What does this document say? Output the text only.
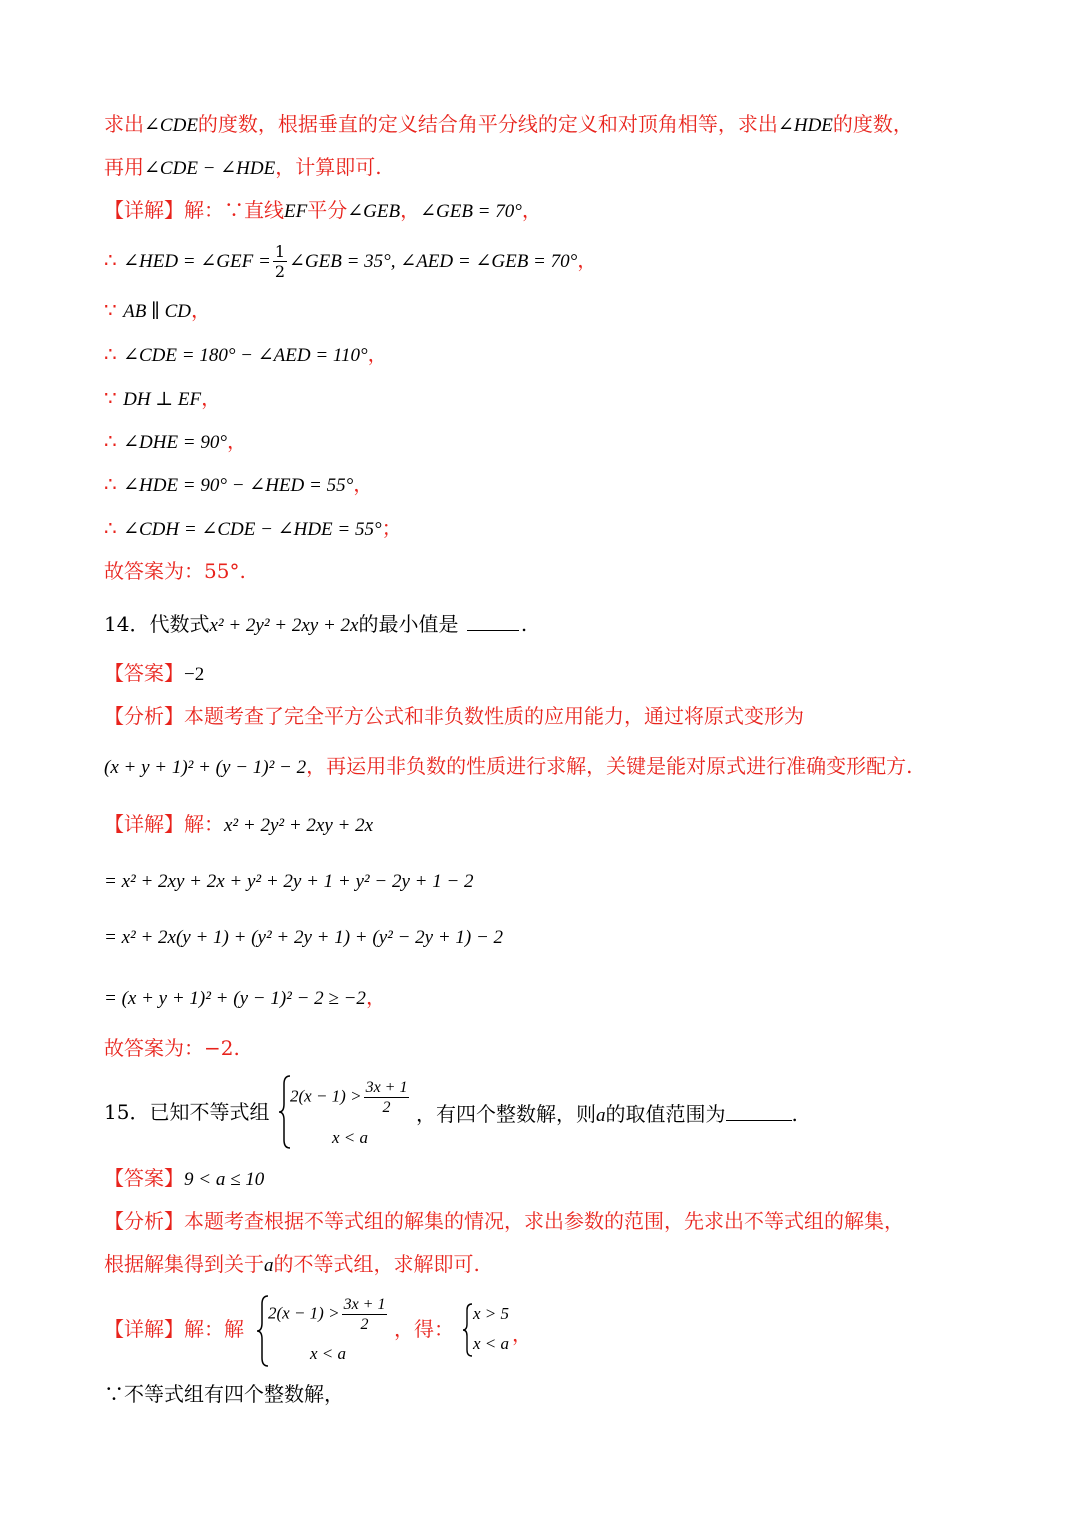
求出∠CDE的度数，根据垂直的定义结合角平分线的定义和对顶角相等，求出∠HDE的度数，
再用∠CDE − ∠HDE，计算即可.
【详解】解：∵直线EF平分∠GEB，∠GEB = 70°，
∴ ∠HED = ∠GEF = $\frac{1}{2}$ ∠GEB = 35°, ∠AED = ∠GEB = 70°，
∵ AB ∥ CD，
∴ ∠CDE = 180° − ∠AED = 110°，
∵ DH ⊥ EF，
∴ ∠DHE = 90°，
∴ ∠HDE = 90° − ∠HED = 55°，
∴ ∠CDH = ∠CDE − ∠HDE = 55°；
故答案为：55°.
14．代数式x² + 2y² + 2xy + 2x的最小值是	.
【答案】−2
【分析】本题考查了完全平方公式和非负数性质的应用能力，通过将原式变形为
(x + y + 1)² + (y − 1)² − 2，再运用非负数的性质进行求解，关键是能对原式进行准确变形配方.
【详解】解：x² + 2y² + 2xy + 2x
= x² + 2xy + 2x + y² + 2y + 1 + y² − 2y + 1 − 2
= x² + 2x(y + 1) + (y² + 2y + 1) + (y² − 2y + 1) − 2
= (x + y + 1)² + (y − 1)² − 2 ≥ −2，
故答案为：−2.
15．已知不等式组
$2(x - 1) > \frac{3x + 1}{2}$
x < a
，有四个整数解，则a的取值范围为	.
【答案】9 < a ≤ 10
【分析】本题考查根据不等式组的解集的情况，求出参数的范围，先求出不等式组的解集，
根据解集得到关于a的不等式组，求解即可.
【详解】解：解
$2(x - 1) > \frac{3x + 1}{2}$
x < a
，得：
x > 5
x < a ，
∵不等式组有四个整数解，
